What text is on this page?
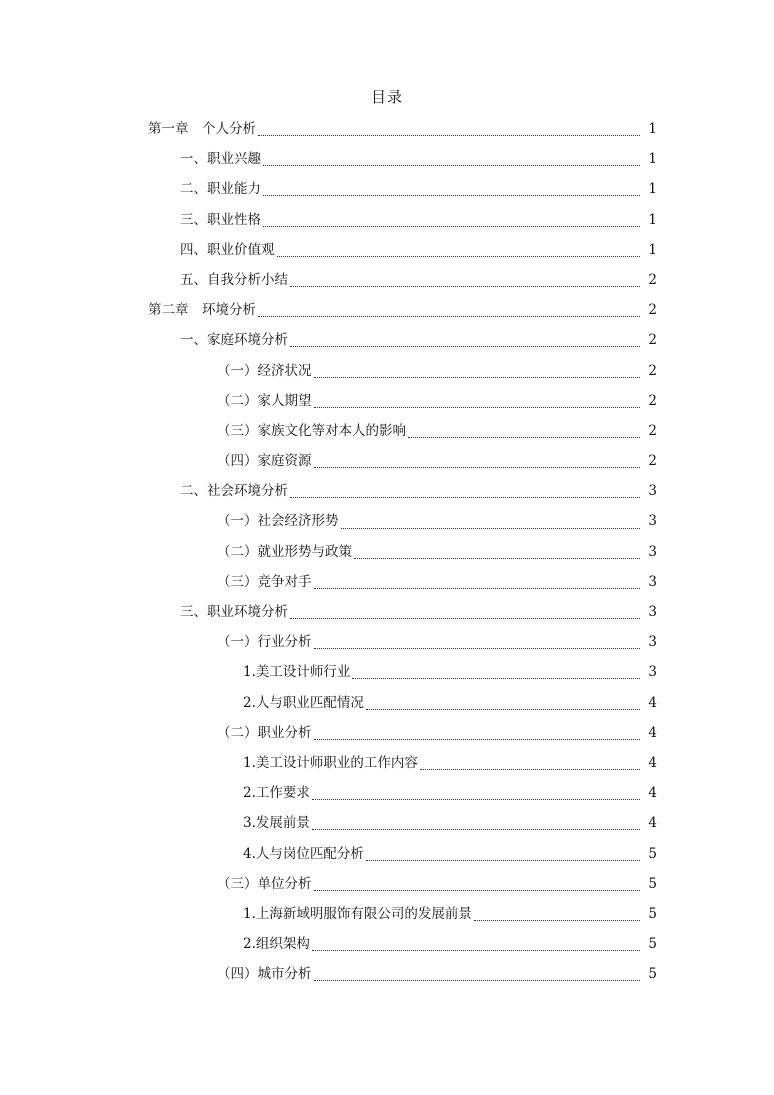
目录
第一章　个人分析	1
一、职业兴趣	1
二、职业能力	1
三、职业性格	1
四、职业价值观	1
五、自我分析小结	2
第二章　环境分析	2
一、家庭环境分析	2
（一）经济状况	2
（二）家人期望	2
（三）家族文化等对本人的影响	2
（四）家庭资源	2
二、社会环境分析	3
（一）社会经济形势	3
（二）就业形势与政策	3
（三）竞争对手	3
三、职业环境分析	3
（一）行业分析	3
1.美工设计师行业	3
2.人与职业匹配情况	4
（二）职业分析	4
1.美工设计师职业的工作内容	4
2.工作要求	4
3.发展前景	4
4.人与岗位匹配分析	5
（三）单位分析	5
1.上海新域明服饰有限公司的发展前景	5
2.组织架构	5
（四）城市分析	5
